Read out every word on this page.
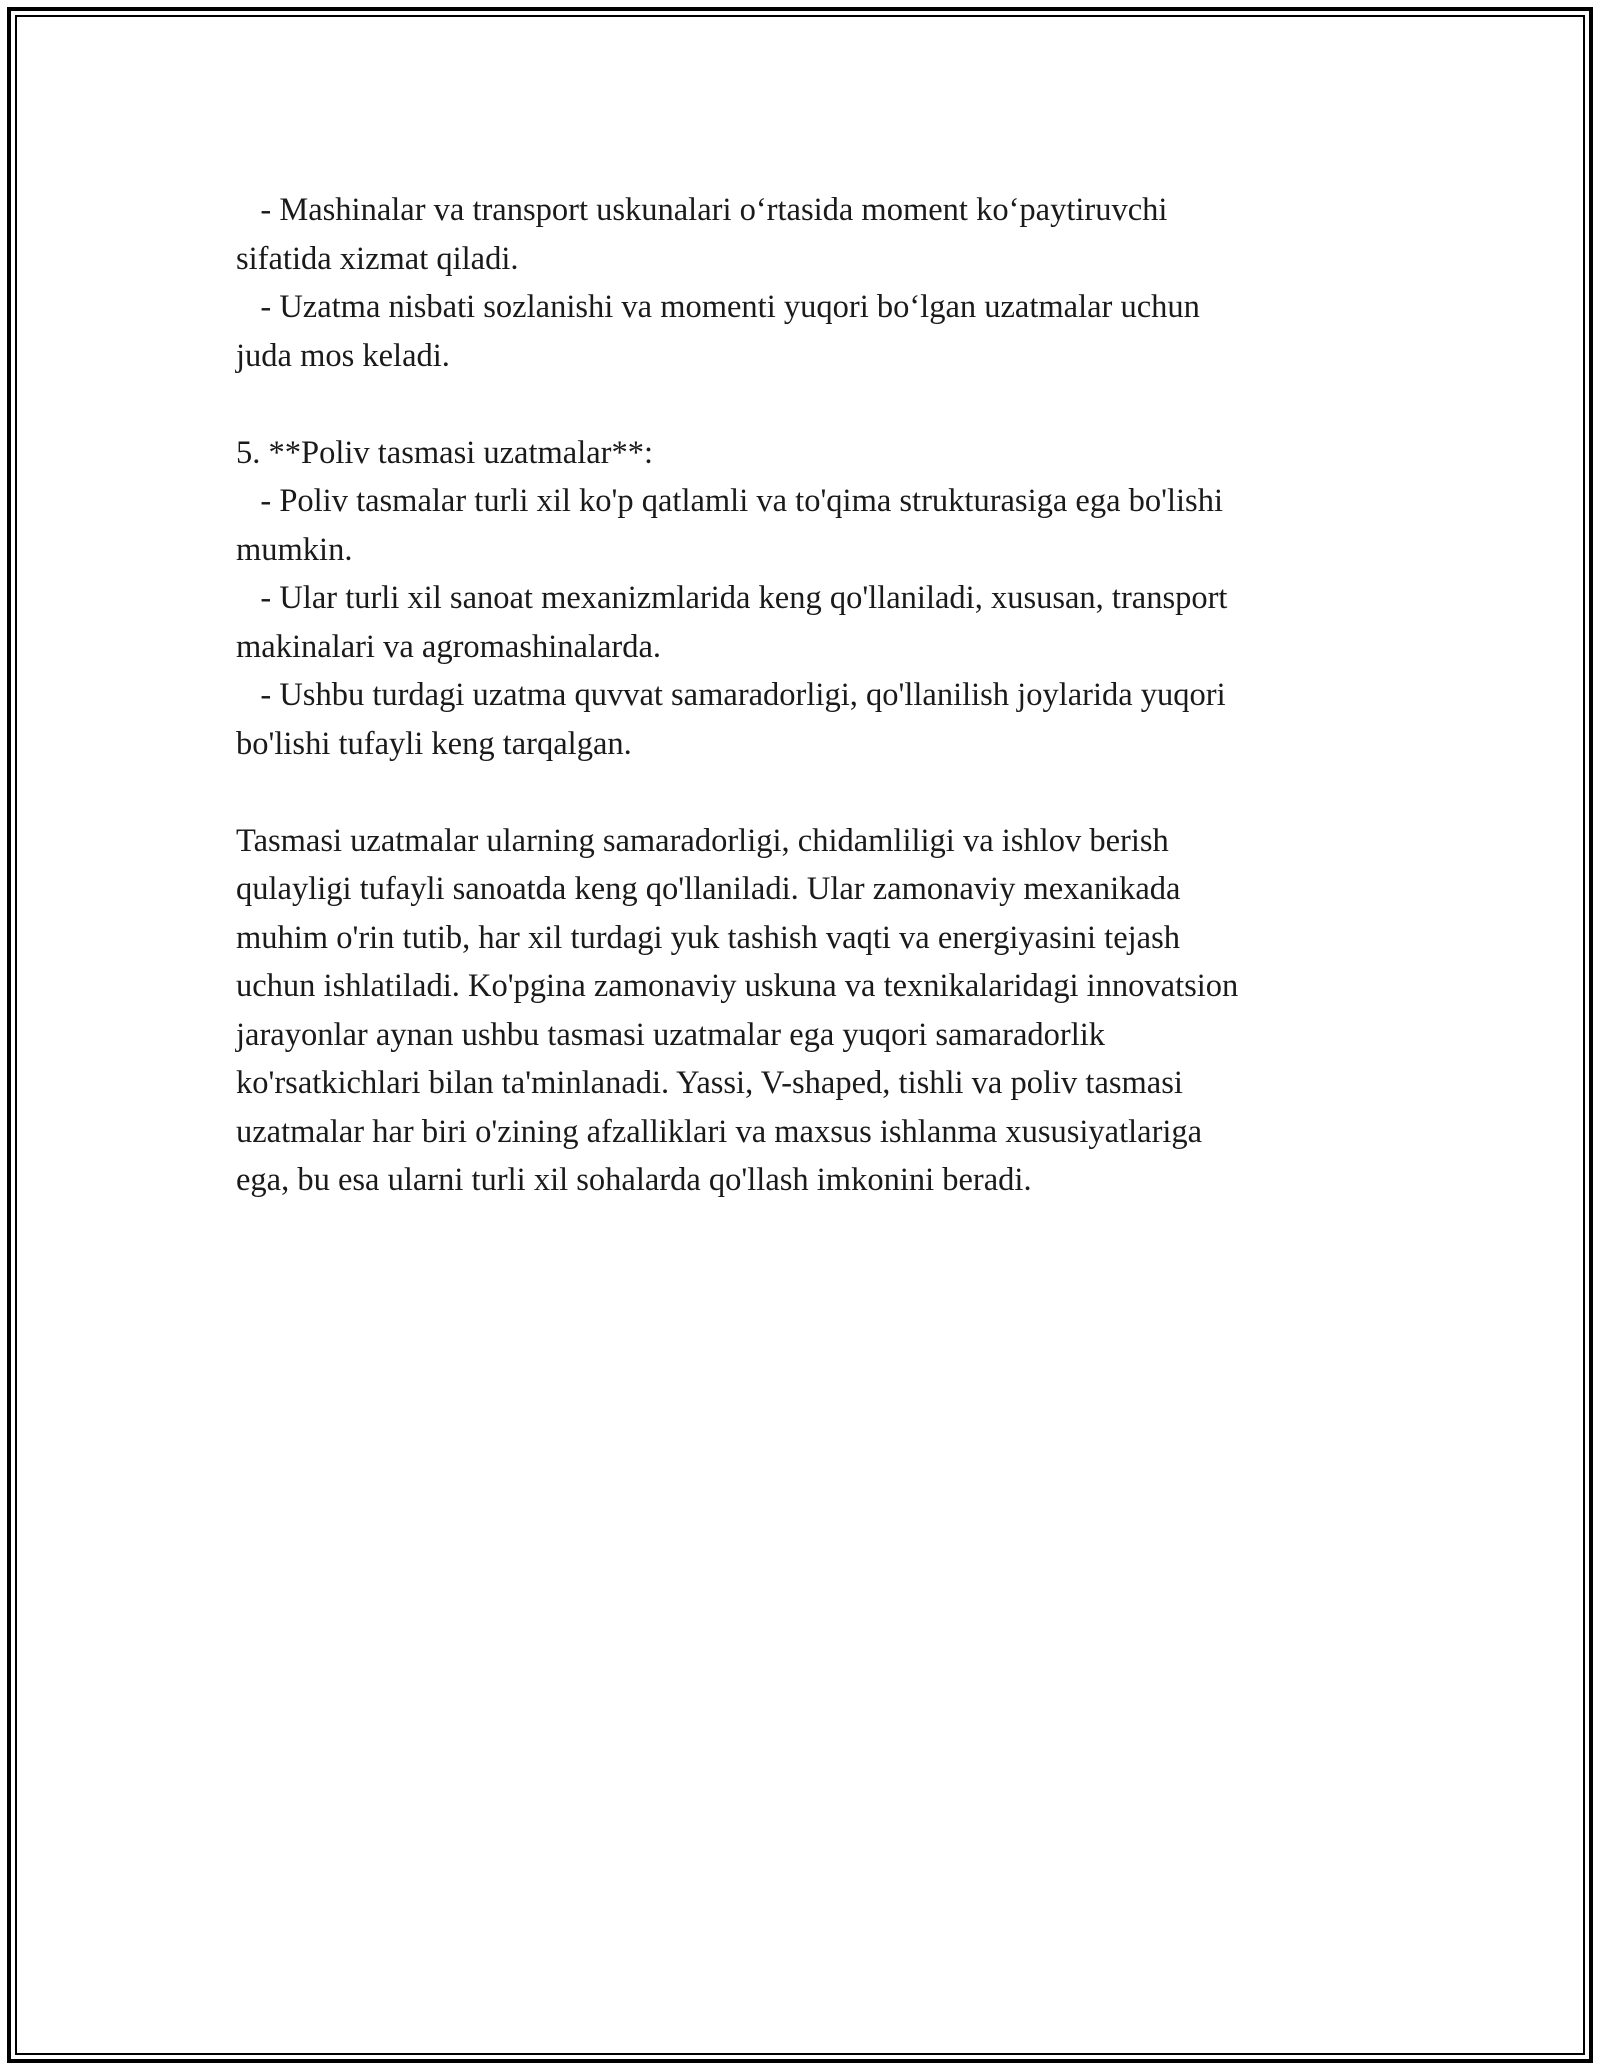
- Mashinalar va transport uskunalari o‘rtasida moment ko‘paytiruvchi

sifatida xizmat qiladi.

- Uzatma nisbati sozlanishi va momenti yuqori bo‘lgan uzatmalar uchun

juda mos keladi.

5. **Poliv tasmasi uzatmalar**:

- Poliv tasmalar turli xil ko'p qatlamli va to'qima strukturasiga ega bo'lishi

mumkin.

- Ular turli xil sanoat mexanizmlarida keng qo'llaniladi, xususan, transport

makinalari va agromashinalarda.

- Ushbu turdagi uzatma quvvat samaradorligi, qo'llanilish joylarida yuqori

bo'lishi tufayli keng tarqalgan.

Tasmasi uzatmalar ularning samaradorligi, chidamliligi va ishlov berish

qulayligi tufayli sanoatda keng qo'llaniladi. Ular zamonaviy mexanikada

muhim o'rin tutib, har xil turdagi yuk tashish vaqti va energiyasini tejash

uchun ishlatiladi. Ko'pgina zamonaviy uskuna va texnikalaridagi innovatsion

jarayonlar aynan ushbu tasmasi uzatmalar ega yuqori samaradorlik

ko'rsatkichlari bilan ta'minlanadi. Yassi, V-shaped, tishli va poliv tasmasi

uzatmalar har biri o'zining afzalliklari va maxsus ishlanma xususiyatlariga

ega, bu esa ularni turli xil sohalarda qo'llash imkonini beradi.
